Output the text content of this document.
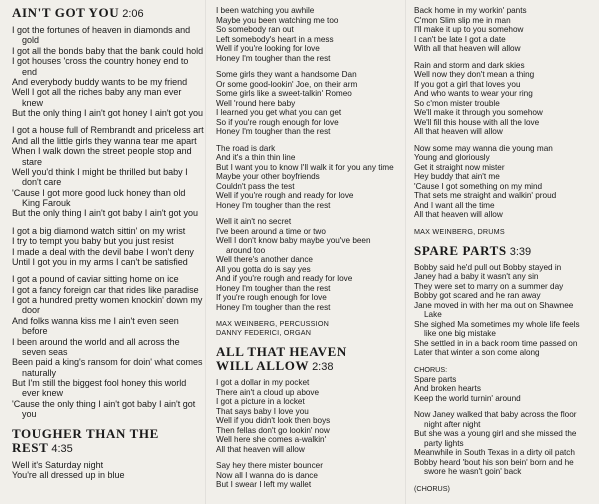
AIN'T GOT YOU 2:06
I got the fortunes of heaven in diamonds and gold
I got all the bonds baby that the bank could hold
I got houses 'cross the country honey end to end
And everybody buddy wants to be my friend
Well I got all the riches baby any man ever knew
But the only thing I ain't got honey I ain't got you
I got a house full of Rembrandt and priceless art
And all the little girls they wanna tear me apart
When I walk down the street people stop and stare
Well you'd think I might be thrilled but baby I don't care
'Cause I got more good luck honey than old King Farouk
But the only thing I ain't got baby I ain't got you
I got a big diamond watch sittin' on my wrist
I try to tempt you baby but you just resist
I made a deal with the devil babe I won't deny
Until I got you in my arms I can't be satisfied
I got a pound of caviar sitting home on ice
I got a fancy foreign car that rides like paradise
I got a hundred pretty women knockin' down my door
And folks wanna kiss me I ain't even seen before
I been around the world and all across the seven seas
Been paid a king's ransom for doin' what comes naturally
But I'm still the biggest fool honey this world ever knew
'Cause the only thing I ain't got baby I ain't got you
TOUGHER THAN THE REST 4:35
Well it's Saturday night
You're all dressed up in blue
I been watching you awhile
Maybe you been watching me too
So somebody ran out
Left somebody's heart in a mess
Well if you're looking for love
Honey I'm tougher than the rest
Some girls they want a handsome Dan
Or some good-lookin' Joe, on their arm
Some girls like a sweet-talkin' Romeo
Well 'round here baby
I learned you get what you can get
So if you're rough enough for love
Honey I'm tougher than the rest
The road is dark
And it's a thin thin line
But I want you to know I'll walk it for you any time
Maybe your other boyfriends
Couldn't pass the test
Well if you're rough and ready for love
Honey I'm tougher than the rest
Well it ain't no secret
I've been around a time or two
Well I don't know baby maybe you've been around too
Well there's another dance
All you gotta do is say yes
And if you're rough and ready for love
Honey I'm tougher than the rest
If you're rough enough for love
Honey I'm tougher than the rest
MAX WEINBERG, PERCUSSION
DANNY FEDERICI, ORGAN
ALL THAT HEAVEN
WILL ALLOW 2:38
I got a dollar in my pocket
There ain't a cloud up above
I got a picture in a locket
That says baby I love you
Well if you didn't look then boys
Then fellas don't go lookin' now
Well here she comes a-walkin'
All that heaven will allow
Say hey there mister bouncer
Now all I wanna do is dance
But I swear I left my wallet
Back home in my workin' pants
C'mon Slim slip me in man
I'll make it up to you somehow
I can't be late I got a date
With all that heaven will allow
Rain and storm and dark skies
Well now they don't mean a thing
If you got a girl that loves you
And who wants to wear your ring
So c'mon mister trouble
We'll make it through you somehow
We'll fill this house with all the love
All that heaven will allow
Now some may wanna die young man
Young and gloriously
Get it straight now mister
Hey buddy that ain't me
'Cause I got something on my mind
That sets me straight and walkin' proud
And I want all the time
All that heaven will allow
MAX WEINBERG, DRUMS
SPARE PARTS 3:39
Bobby said he'd pull out Bobby stayed in
Janey had a baby it wasn't any sin
They were set to marry on a summer day
Bobby got scared and he ran away
Jane moved in with her ma out on Shawnee Lake
She sighed Ma sometimes my whole life feels like one big mistake
She settled in in a back room time passed on
Later that winter a son come along
CHORUS:
Spare parts
And broken hearts
Keep the world turnin' around
Now Janey walked that baby across the floor night after night
But she was a young girl and she missed the party lights
Meanwhile in South Texas in a dirty oil patch
Bobby heard 'bout his son bein' born and he swore he wasn't goin' back
(CHORUS)
